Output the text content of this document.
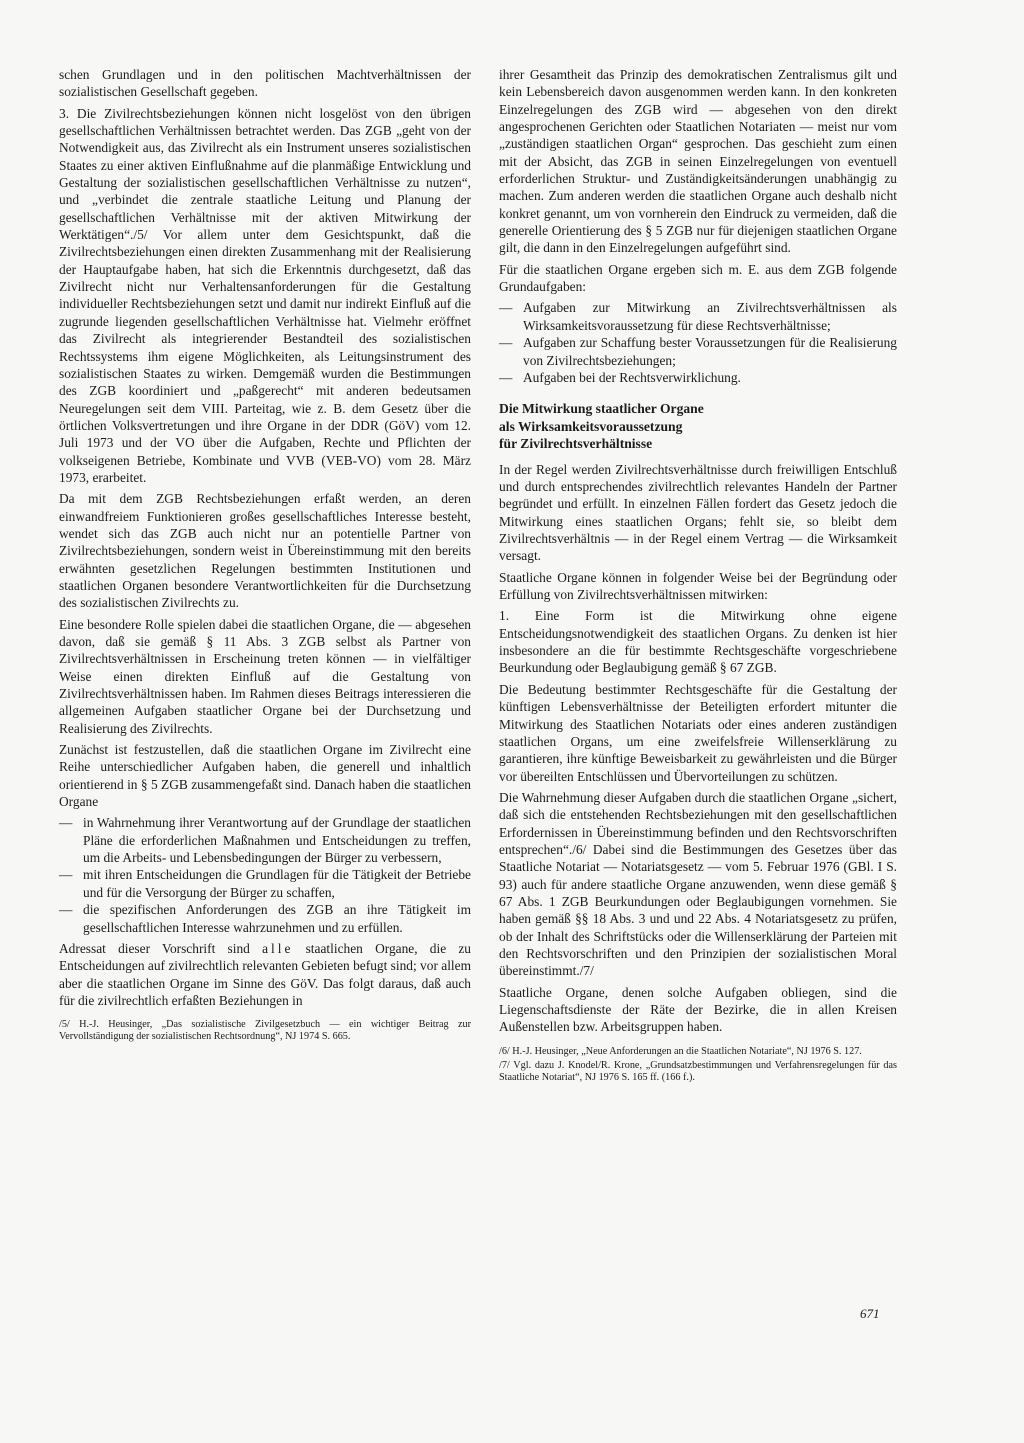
schen Grundlagen und in den politischen Machtverhältnissen der sozialistischen Gesellschaft gegeben.

3. Die Zivilrechtsbeziehungen können nicht losgelöst von den übrigen gesellschaftlichen Verhältnissen betrachtet werden. Das ZGB „geht von der Notwendigkeit aus, das Zivilrecht als ein Instrument unseres sozialistischen Staates zu einer aktiven Einflußnahme auf die planmäßige Entwicklung und Gestaltung der sozialistischen gesellschaftlichen Verhältnisse zu nutzen“, und „verbindet die zentrale staatliche Leitung und Planung der gesellschaftlichen Verhältnisse mit der aktiven Mitwirkung der Werktätigen“./5/ Vor allem unter dem Gesichtspunkt, daß die Zivilrechtsbeziehungen einen direkten Zusammenhang mit der Realisierung der Hauptaufgabe haben, hat sich die Erkenntnis durchgesetzt, daß das Zivilrecht nicht nur Verhaltensanforderungen für die Gestaltung individueller Rechtsbeziehungen setzt und damit nur indirekt Einfluß auf die zugrunde liegenden gesellschaftlichen Verhältnisse hat. Vielmehr eröffnet das Zivilrecht als integrierender Bestandteil des sozialistischen Rechtssystems ihm eigene Möglichkeiten, als Leitungsinstrument des sozialistischen Staates zu wirken. Demgemäß wurden die Bestimmungen des ZGB koordiniert und „paßgerecht“ mit anderen bedeutsamen Neuregelungen seit dem VIII. Parteitag, wie z. B. dem Gesetz über die örtlichen Volksvertretungen und ihre Organe in der DDR (GöV) vom 12. Juli 1973 und der VO über die Aufgaben, Rechte und Pflichten der volkseigenen Betriebe, Kombinate und VVB (VEB-VO) vom 28. März 1973, erarbeitet.

Da mit dem ZGB Rechtsbeziehungen erfaßt werden, an deren einwandfreiem Funktionieren großes gesellschaftliches Interesse besteht, wendet sich das ZGB auch nicht nur an potentielle Partner von Zivilrechtsbeziehungen, sondern weist in Übereinstimmung mit den bereits erwähnten gesetzlichen Regelungen bestimmten Institutionen und staatlichen Organen besondere Verantwortlichkeiten für die Durchsetzung des sozialistischen Zivilrechts zu.

Eine besondere Rolle spielen dabei die staatlichen Organe, die — abgesehen davon, daß sie gemäß § 11 Abs. 3 ZGB selbst als Partner von Zivilrechtsverhältnissen in Erscheinung treten können — in vielfältiger Weise einen direkten Einfluß auf die Gestaltung von Zivilrechtsverhältnissen haben. Im Rahmen dieses Beitrags interessieren die allgemeinen Aufgaben staatlicher Organe bei der Durchsetzung und Realisierung des Zivilrechts.

Zunächst ist festzustellen, daß die staatlichen Organe im Zivilrecht eine Reihe unterschiedlicher Aufgaben haben, die generell und inhaltlich orientierend in § 5 ZGB zusammengefaßt sind. Danach haben die staatlichen Organe

— in Wahrnehmung ihrer Verantwortung auf der Grundlage der staatlichen Pläne die erforderlichen Maßnahmen und Entscheidungen zu treffen, um die Arbeits- und Lebensbedingungen der Bürger zu verbessern,
— mit ihren Entscheidungen die Grundlagen für die Tätigkeit der Betriebe und für die Versorgung der Bürger zu schaffen,
— die spezifischen Anforderungen des ZGB an ihre Tätigkeit im gesellschaftlichen Interesse wahrzunehmen und zu erfüllen.

Adressat dieser Vorschrift sind alle staatlichen Organe, die zu Entscheidungen auf zivilrechtlich relevanten Gebieten befugt sind; vor allem aber die staatlichen Organe im Sinne des GöV. Das folgt daraus, daß auch für die zivilrechtlich erfaßten Beziehungen in

/5/ H.-J. Heusinger, „Das sozialistische Zivilgesetzbuch — ein wichtiger Beitrag zur Vervollständigung der sozialistischen Rechtsordnung“, NJ 1974 S. 665.

ihrer Gesamtheit das Prinzip des demokratischen Zentralismus gilt und kein Lebensbereich davon ausgenommen werden kann. In den konkreten Einzelregelungen des ZGB wird — abgesehen von den direkt angesprochenen Gerichten oder Staatlichen Notariaten — meist nur vom „zuständigen staatlichen Organ“ gesprochen. Das geschieht zum einen mit der Absicht, das ZGB in seinen Einzelregelungen von eventuell erforderlichen Struktur- und Zuständigkeitsänderungen unabhängig zu machen. Zum anderen werden die staatlichen Organe auch deshalb nicht konkret genannt, um von vornherein den Eindruck zu vermeiden, daß die generelle Orientierung des § 5 ZGB nur für diejenigen staatlichen Organe gilt, die dann in den Einzelregelungen aufgeführt sind.

Für die staatlichen Organe ergeben sich m. E. aus dem ZGB folgende Grundaufgaben:

— Aufgaben zur Mitwirkung an Zivilrechtsverhältnissen als Wirksamkeitsvoraussetzung für diese Rechtsverhältnisse;
— Aufgaben zur Schaffung bester Voraussetzungen für die Realisierung von Zivilrechtsbeziehungen;
— Aufgaben bei der Rechtsverwirklichung.
Die Mitwirkung staatlicher Organe
als Wirksamkeitsvoraussetzung
für Zivilrechtsverhältnisse

In der Regel werden Zivilrechtsverhältnisse durch freiwilligen Entschluß und durch entsprechendes zivilrechtlich relevantes Handeln der Partner begründet und erfüllt. In einzelnen Fällen fordert das Gesetz jedoch die Mitwirkung eines staatlichen Organs; fehlt sie, so bleibt dem Zivilrechtsverhältnis — in der Regel einem Vertrag — die Wirksamkeit versagt.

Staatliche Organe können in folgender Weise bei der Begründung oder Erfüllung von Zivilrechtsverhältnissen mitwirken:

1. Eine Form ist die Mitwirkung ohne eigene Entscheidungsnotwendigkeit des staatlichen Organs. Zu denken ist hier insbesondere an die für bestimmte Rechtsgeschäfte vorgeschriebene Beurkundung oder Beglaubigung gemäß § 67 ZGB.

Die Bedeutung bestimmter Rechtsgeschäfte für die Gestaltung der künftigen Lebensverhältnisse der Beteiligten erfordert mitunter die Mitwirkung des Staatlichen Notariats oder eines anderen zuständigen staatlichen Organs, um eine zweifelsfreie Willenserklärung zu garantieren, ihre künftige Beweisbarkeit zu gewährleisten und die Bürger vor übereilten Entschlüssen und Übervorteilungen zu schützen.

Die Wahrnehmung dieser Aufgaben durch die staatlichen Organe „sichert, daß sich die entstehenden Rechtsbeziehungen mit den gesellschaftlichen Erfordernissen in Übereinstimmung befinden und den Rechtsvorschriften entsprechen“./6/ Dabei sind die Bestimmungen des Gesetzes über das Staatliche Notariat — Notariatsgesetz — vom 5. Februar 1976 (GBl. I S. 93) auch für andere staatliche Organe anzuwenden, wenn diese gemäß § 67 Abs. 1 ZGB Beurkundungen oder Beglaubigungen vornehmen. Sie haben gemäß §§ 18 Abs. 3 und und 22 Abs. 4 Notariatsgesetz zu prüfen, ob der Inhalt des Schriftstücks oder die Willenserklärung der Parteien mit den Rechtsvorschriften und den Prinzipien der sozialistischen Moral übereinstimmt./7/

Staatliche Organe, denen solche Aufgaben obliegen, sind die Liegenschaftsdienste der Räte der Bezirke, die in allen Kreisen Außenstellen bzw. Arbeitsgruppen haben.

/6/ H.-J. Heusinger, „Neue Anforderungen an die Staatlichen Notariate“, NJ 1976 S. 127.

/7/ Vgl. dazu J. Knodel/R. Krone, „Grundsatzbestimmungen und Verfahrensregelungen für das Staatliche Notariat“, NJ 1976 S. 165 ff. (166 f.).

671
